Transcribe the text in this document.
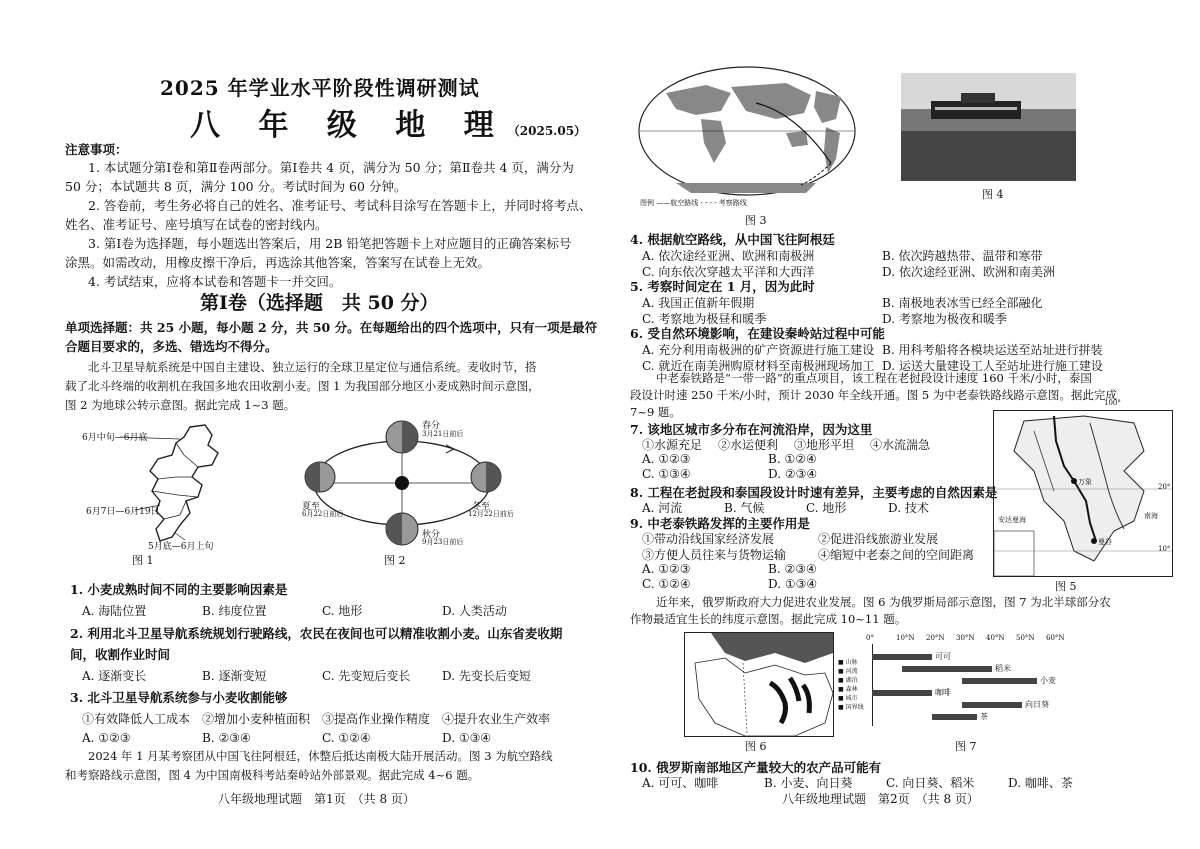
2025 年学业水平阶段性调研测试
八 年 级 地 理（2025.05）
注意事项：
1. 本试题分第Ⅰ卷和第Ⅱ卷两部分。第Ⅰ卷共 4 页，满分为 50 分；第Ⅱ卷共 4 页，满分为
50 分；本试题共 8 页，满分 100 分。考试时间为 60 分钟。
2. 答卷前，考生务必将自己的姓名、准考证号、考试科目涂写在答题卡上，并同时将考点、
姓名、准考证号、座号填写在试卷的密封线内。
3. 第Ⅰ卷为选择题，每小题选出答案后，用 2B 铅笔把答题卡上对应题目的正确答案标号
涂黑。如需改动，用橡皮擦干净后，再选涂其他答案，答案写在试卷上无效。
4. 考试结束，应将本试卷和答题卡一并交回。
第Ⅰ卷（选择题　共 50 分）
单项选择题：共 25 小题，每小题 2 分，共 50 分。在每题给出的四个选项中，只有一项是最符
合题目要求的，多选、错选均不得分。
北斗卫星导航系统是中国自主建设、独立运行的全球卫星定位与通信系统。麦收时节，搭
载了北斗终端的收割机在我国多地农田收割小麦。图 1 为我国部分地区小麦成熟时间示意图，
图 2 为地球公转示意图。据此完成 1~3 题。
6月中旬—6月底
6月7日—6月19日
5月底—6月上旬
图 1
春分
3月21日前后
夏至
6月22日前后
冬至
12月22日前后
秋分
9月23日前后
图 2
1. 小麦成熟时间不同的主要影响因素是
A. 海陆位置	B. 纬度位置	C. 地形	D. 人类活动
2. 利用北斗卫星导航系统规划行驶路线，农民在夜间也可以精准收割小麦。山东省麦收期
间，收割作业时间
A. 逐渐变长	B. 逐渐变短	C. 先变短后变长	D. 先变长后变短
3. 北斗卫星导航系统参与小麦收割能够
①有效降低人工成本 ②增加小麦种植面积 ③提高作业操作精度 ④提升农业生产效率
A. ①②③	B. ②③④	C. ①②④	D. ①③④
2024 年 1 月某考察团从中国飞往阿根廷，休整后抵达南极大陆开展活动。图 3 为航空路线
和考察路线示意图，图 4 为中国南极科考站秦岭站外部景观。据此完成 4~6 题。
八年级地理试题　第1页　（共 8 页）
图例 ——航空路线 - - - - 考察路线
图 3
图 4
4. 根据航空路线，从中国飞往阿根廷
A. 依次途经亚洲、欧洲和南极洲	B. 依次跨越热带、温带和寒带
C. 向东依次穿越太平洋和大西洋	D. 依次途经亚洲、欧洲和南美洲
5. 考察时间定在 1 月，因为此时
A. 我国正值新年假期	B. 南极地表冰雪已经全部融化
C. 考察地为极昼和暖季	D. 考察地为极夜和暖季
6. 受自然环境影响，在建设秦岭站过程中可能
A. 充分利用南极洲的矿产资源进行施工建设 B. 用科考船将各模块运送至站址进行拼装
C. 就近在南美洲购原材料至南极洲现场加工 D. 运送大量建设工人至站址进行施工建设
中老泰铁路是“一带一路”的重点项目，该工程在老挝段设计速度 160 千米/小时，泰国
段设计时速 250 千米/小时，预计 2030 年全线开通。图 5 为中老泰铁路线路示意图。据此完成
7~9 题。
7. 该地区城市多分布在河流沿岸，因为这里
①水源充足 ②水运便利 ③地形平坦 ④水流湍急
A. ①②③	B. ①②④
C. ①③④	D. ②③④
8. 工程在老挝段和泰国段设计时速有差异，主要考虑的自然因素是
A. 河流	B. 气候	C. 地形	D. 技术
9. 中老泰铁路发挥的主要作用是
①带动沿线国家经济发展	②促进沿线旅游业发展
③方便人员往来与货物运输	④缩短中老泰之间的空间距离
A. ①②③	B. ②③④
C. ①②④	D. ①③④
100°
20°
10°
万象
曼谷
安达曼海	南海
图 5
近年来，俄罗斯政府大力促进农业发展。图 6 为俄罗斯局部示意图，图 7 为北半球部分农
作物最适宜生长的纬度示意图。据此完成 10~11 题。
图 6
■ 山脉
■ 河流
■ 湖泊
■ 森林
■ 城市
■ 国界线
0°	10°N 20°N 30°N 40°N 50°N 60°N
可可
稻米
小麦
咖啡
向日葵
茶
图 7
10. 俄罗斯南部地区产量较大的农产品可能有
A. 可可、咖啡	B. 小麦、向日葵	C. 向日葵、稻米	D. 咖啡、茶
八年级地理试题　第2页　（共 8 页）
